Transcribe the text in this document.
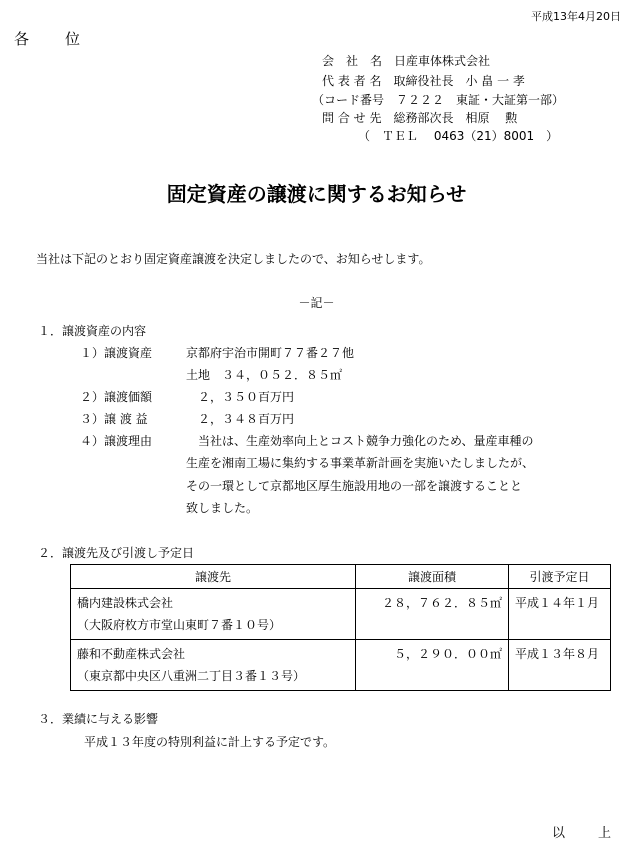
平成13年4月20日
各　　位
会　社　名　日産車体株式会社
代 表 者 名　取締役社長　小 畠 一 孝
（コード番号　７２２２　東証・大証第一部）
問 合 せ 先　総務部次長　相原　 勲
（　ＴＥＬ　 0463（21）8001　）
固定資産の譲渡に関するお知らせ
当社は下記のとおり固定資産譲渡を決定しましたので、お知らせします。
－記－
１．譲渡資産の内容
１）譲渡資産	京都府宇治市開町７７番２７他
土地　３４，０５２．８５㎡
２）譲渡価額	　２，３５０百万円
３）譲 渡 益	　２，３４８百万円
４）譲渡理由	　当社は、生産効率向上とコスト競争力強化のため、量産車種の
生産を湘南工場に集約する事業革新計画を実施いたしましたが、
その一環として京都地区厚生施設用地の一部を譲渡することと
致しました。
２．譲渡先及び引渡し予定日
譲渡先	譲渡面積	引渡予定日

橋内建設株式会社
（大阪府枚方市堂山東町７番１０号）	２８，７６２．８５㎡	平成１４年１月

藤和不動産株式会社
（東京都中央区八重洲二丁目３番１３号）	５，２９０．００㎡	平成１３年８月
３．業績に与える影響
平成１３年度の特別利益に計上する予定です。
以　上
